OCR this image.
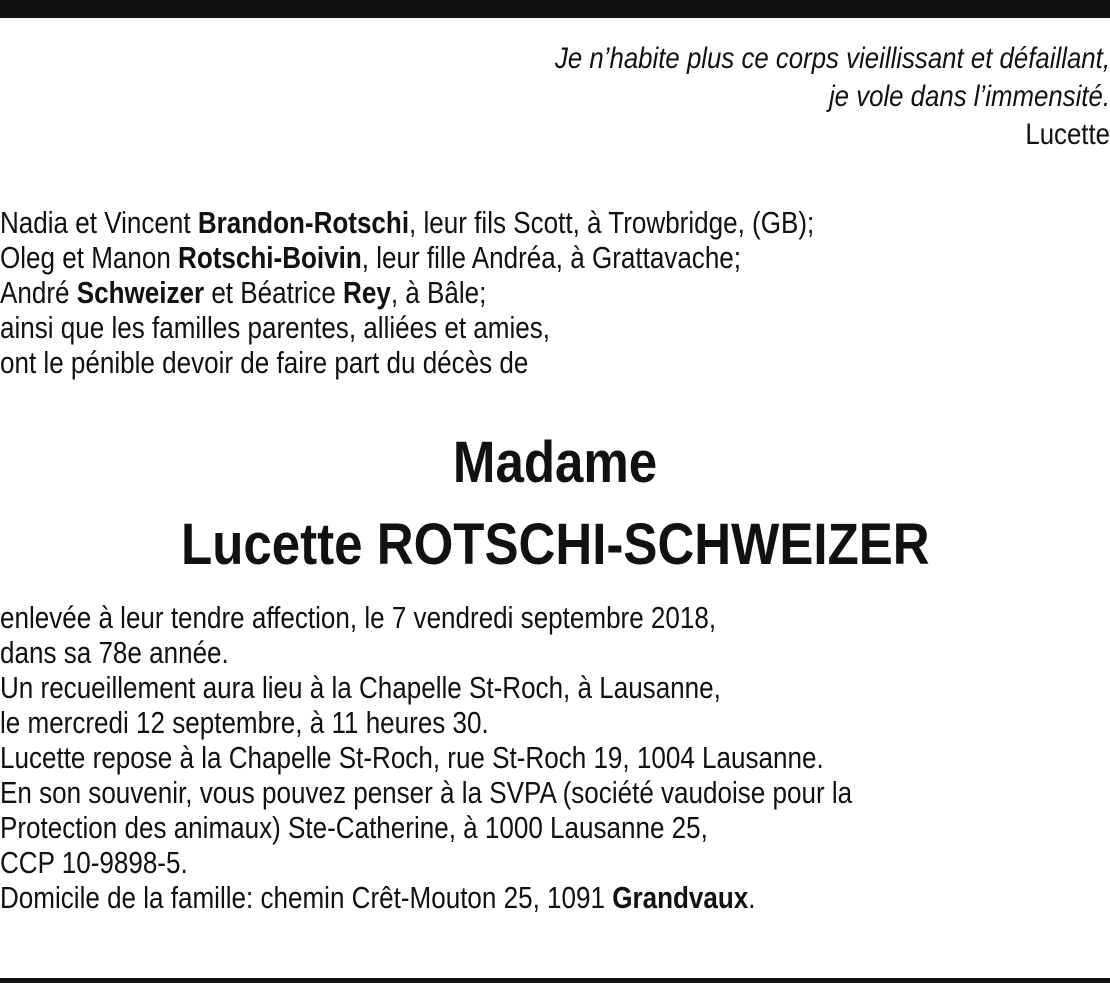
Je n’habite plus ce corps vieillissant et défaillant,
je vole dans l’immensité.
Lucette
Nadia et Vincent Brandon-Rotschi, leur fils Scott, à Trowbridge, (GB);
Oleg et Manon Rotschi-Boivin, leur fille Andréa, à Grattavache;
André Schweizer et Béatrice Rey, à Bâle;
ainsi que les familles parentes, alliées et amies,
ont le pénible devoir de faire part du décès de
Madame
Lucette ROTSCHI-SCHWEIZER
enlevée à leur tendre affection, le 7 vendredi septembre 2018,
dans sa 78e année.
Un recueillement aura lieu à la Chapelle St-Roch, à Lausanne,
le mercredi 12 septembre, à 11 heures 30.
Lucette repose à la Chapelle St-Roch, rue St-Roch 19, 1004 Lausanne.
En son souvenir, vous pouvez penser à la SVPA (société vaudoise pour la
Protection des animaux) Ste-Catherine, à 1000 Lausanne 25,
CCP 10-9898-5.
Domicile de la famille: chemin Crêt-Mouton 25, 1091 Grandvaux.
